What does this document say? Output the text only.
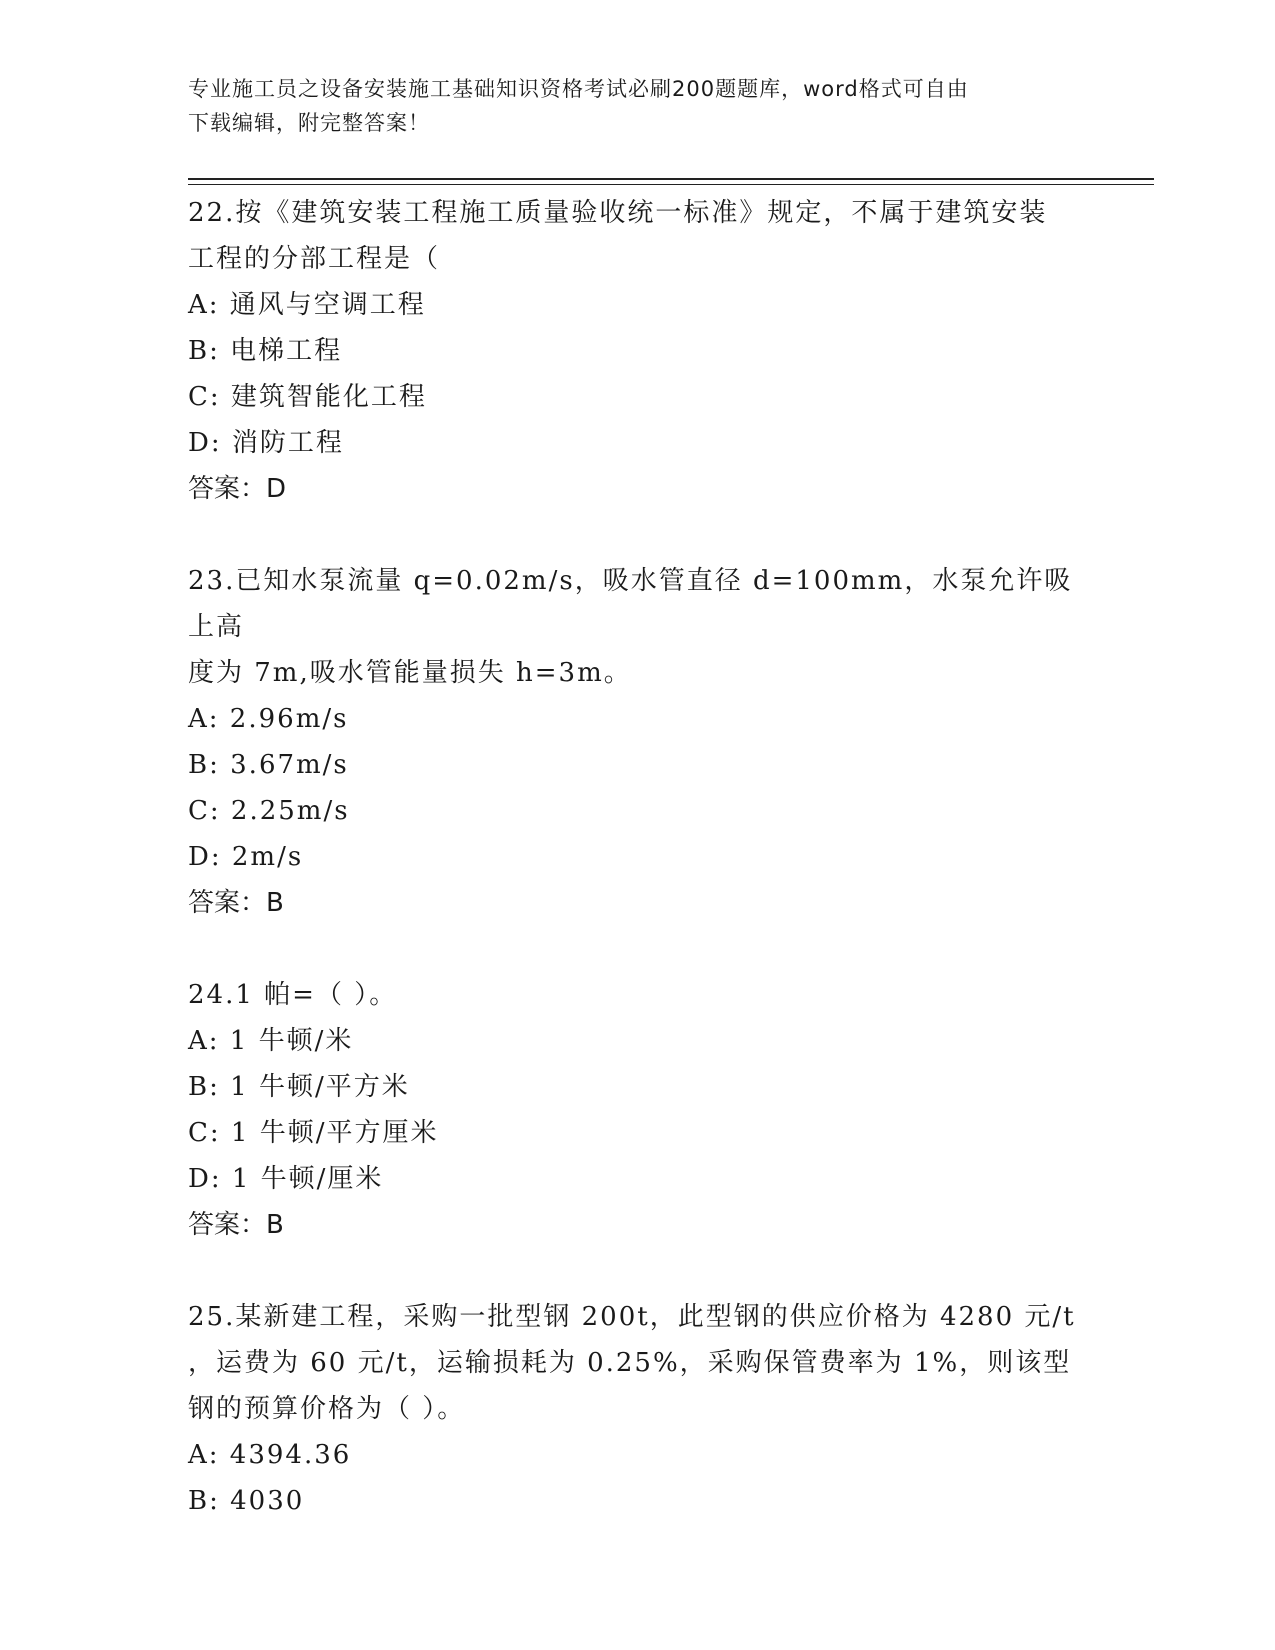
专业施工员之设备安装施工基础知识资格考试必刷200题题库，word格式可自由
下载编辑，附完整答案！

22.按《建筑安装工程施工质量验收统一标准》规定，不属于建筑安装

工程的分部工程是（

A: 通风与空调工程

B: 电梯工程

C: 建筑智能化工程

D: 消防工程

答案：D

23.已知水泵流量 q=0.02m/s，吸水管直径 d=100mm，水泵允许吸上高

度为 7m,吸水管能量损失 h=3m。

A: 2.96m/s

B: 3.67m/s

C: 2.25m/s

D: 2m/s

答案：B

24.1 帕=（ ）。

A: 1 牛顿/米

B: 1 牛顿/平方米

C: 1 牛顿/平方厘米

D: 1 牛顿/厘米

答案：B

25.某新建工程，采购一批型钢 200t，此型钢的供应价格为 4280 元/t

，运费为 60 元/t，运输损耗为 0.25%，采购保管费率为 1%，则该型

钢的预算价格为（ ）。

A: 4394.36

B: 4030
